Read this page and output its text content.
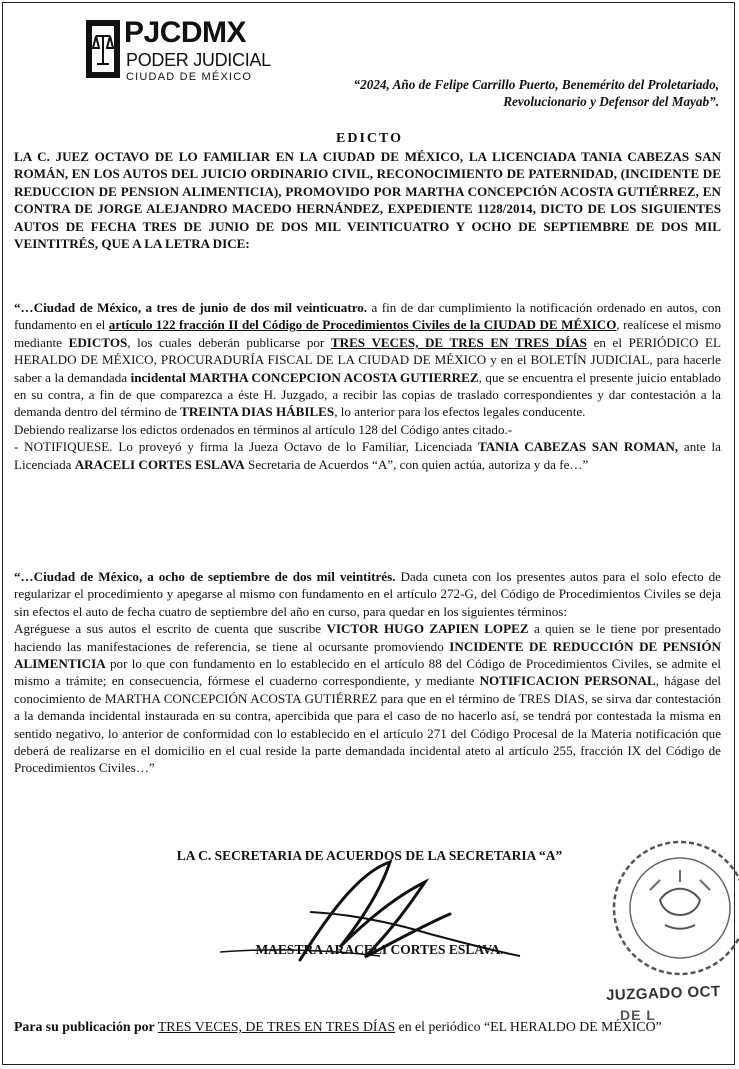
PJCDMX
PODER JUDICIAL
CIUDAD DE MÉXICO	“2024, Año de Felipe Carrillo Puerto, Benemérito del Proletariado,
Revolucionario y Defensor del Mayab”.
EDICTO
LA C. JUEZ OCTAVO DE LO FAMILIAR EN LA CIUDAD DE MÉXICO, LA LICENCIADA TANIA CABEZAS SAN ROMÁN, EN LOS AUTOS DEL JUICIO ORDINARIO CIVIL, RECONOCIMIENTO DE PATERNIDAD, (INCIDENTE DE REDUCCION DE PENSION ALIMENTICIA), PROMOVIDO POR MARTHA CONCEPCIÓN ACOSTA GUTIÉRREZ, EN CONTRA DE JORGE ALEJANDRO MACEDO HERNÁNDEZ, EXPEDIENTE 1128/2014, DICTO DE LOS SIGUIENTES AUTOS DE FECHA TRES DE JUNIO DE DOS MIL VEINTICUATRO Y OCHO DE SEPTIEMBRE DE DOS MIL VEINTITRÉS, QUE A LA LETRA DICE:
“…Ciudad de México, a tres de junio de dos mil veinticuatro. a fin de dar cumplimiento la notificación ordenado en autos, con fundamento en el artículo 122 fracción II del Código de Procedimientos Civiles de la CIUDAD DE MÉXICO, realícese el mismo mediante EDICTOS, los cuales deberán publicarse por TRES VECES, DE TRES EN TRES DÍAS en el PERIÓDICO EL HERALDO DE MÉXICO, PROCURADURÍA FISCAL DE LA CIUDAD DE MÉXICO y en el BOLETÍN JUDICIAL, para hacerle saber a la demandada incidental MARTHA CONCEPCION ACOSTA GUTIERREZ, que se encuentra el presente juicio entablado en su contra, a fin de que comparezca a éste H. Juzgado, a recibir las copias de traslado correspondientes y dar contestación a la demanda dentro del término de TREINTA DIAS HÁBILES, lo anterior para los efectos legales conducente.
Debiendo realizarse los edictos ordenados en términos al artículo 128 del Código antes citado.-
- NOTIFIQUESE. Lo proveyó y firma la Jueza Octavo de lo Familiar, Licenciada TANIA CABEZAS SAN ROMAN, ante la Licenciada ARACELI CORTES ESLAVA Secretaria de Acuerdos “A”, con quien actúa, autoriza y da fe…”
“…Ciudad de México, a ocho de septiembre de dos mil veintitrés. Dada cuneta con los presentes autos para el solo efecto de regularizar el procedimiento y apegarse al mismo con fundamento en el artículo 272-G, del Código de Procedimientos Civiles se deja sin efectos el auto de fecha cuatro de septiembre del año en curso, para quedar en los siguientes términos:
Agréguese a sus autos el escrito de cuenta que suscribe VICTOR HUGO ZAPIEN LOPEZ a quien se le tiene por presentado haciendo las manifestaciones de referencia, se tiene al ocursante promoviendo INCIDENTE DE REDUCCIÓN DE PENSIÓN ALIMENTICIA por lo que con fundamento en lo establecido en el artículo 88 del Código de Procedimientos Civiles, se admite el mismo a trámite; en consecuencia, fórmese el cuaderno correspondiente, y mediante NOTIFICACION PERSONAL, hágase del conocimiento de MARTHA CONCEPCIÓN ACOSTA GUTIÉRREZ para que en el término de TRES DIAS, se sirva dar contestación a la demanda incidental instaurada en su contra, apercibida que para el caso de no hacerlo así, se tendrá por contestada la misma en sentido negativo, lo anterior de conformidad con lo establecido en el artículo 271 del Código Procesal de la Materia notificación que deberá de realizarse en el domicilio en el cual reside la parte demandada incidental ateto al artículo 255, fracción IX del Código de Procedimientos Civiles…”
LA C. SECRETARIA DE ACUERDOS DE LA SECRETARIA “A”
MAESTRA ARACELI CORTES ESLAVA.
JUZGADO OCT
DE L
Para su publicación por TRES VECES, DE TRES EN TRES DÍAS en el periódico “EL HERALDO DE MÉXICO”
